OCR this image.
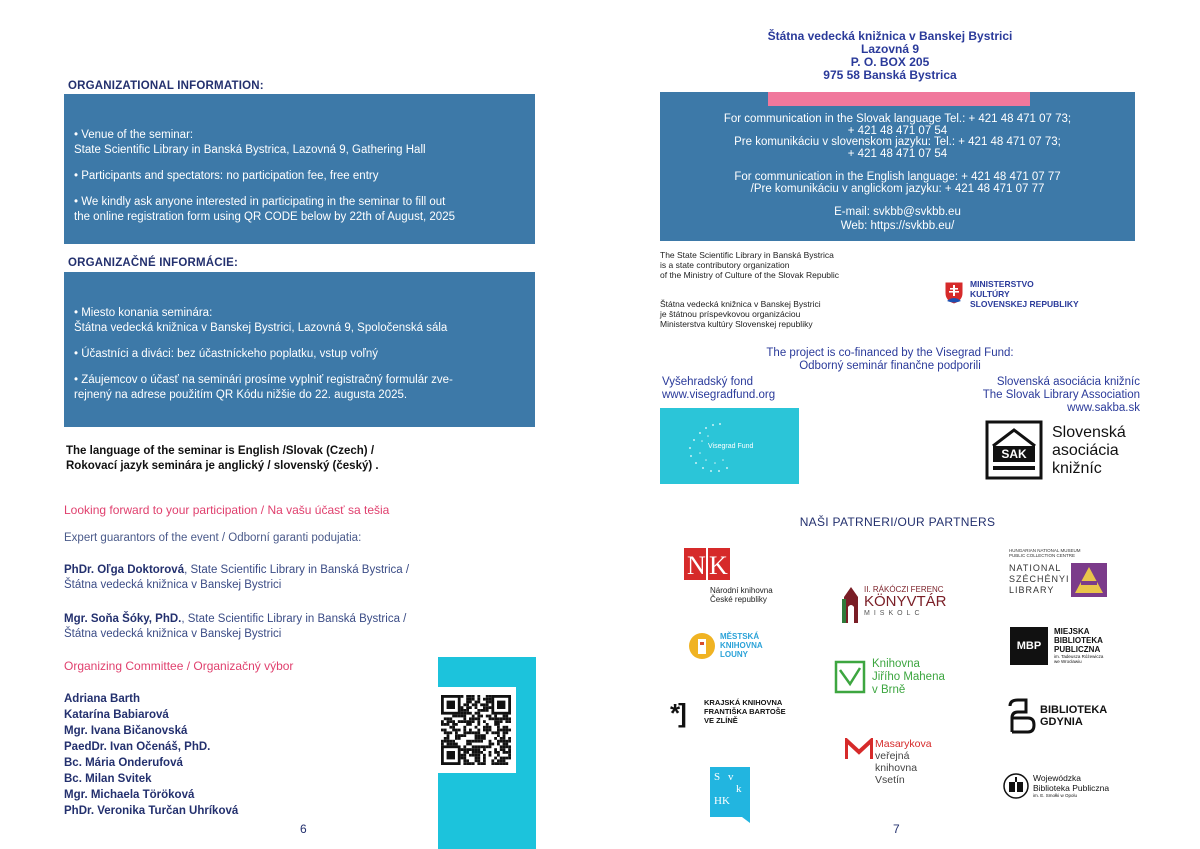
ORGANIZATIONAL INFORMATION:
• Venue of the seminar:

State Scientific Library in Banská Bystrica, Lazovná 9, Gathering Hall

• Participants and spectators: no participation fee, free entry

• We kindly ask anyone interested in participating in the seminar to fill out
the online registration form using QR CODE below by 22th of August, 2025
ORGANIZAČNÉ INFORMÁCIE:
• Miesto konania seminára:

Štátna vedecká knižnica v Banskej Bystrici, Lazovná 9, Spoločenská sála

• Účastníci a diváci: bez účastníckeho poplatku, vstup voľný

• Záujemcov o účasť na seminári prosíme vyplniť registračný formulár zve-
rejnený na adrese použitím QR Kódu nižšie do 22. augusta 2025.
The language of the seminar is English /Slovak (Czech) /
Rokovací jazyk seminára je anglický / slovenský (český) .
Looking forward to your participation / Na vašu účasť sa tešia
Expert guarantors of the event / Odborní garanti podujatia:
PhDr. Oľga Doktorová, State Scientific Library in Banská Bystrica /
Štátna vedecká knižnica v Banskej Bystrici
Mgr. Soňa Šóky, PhD., State Scientific Library in Banská Bystrica /
Štátna vedecká knižnica v Banskej Bystrici
Organizing Committee / Organizačný výbor
Adriana Barth
Katarína Babiarová
Mgr. Ivana Bičanovská
PaedDr. Ivan Očenáš, PhD.
Bc. Mária Onderufová
Bc. Milan Svitek
Mgr. Michaela Töröková
PhDr. Veronika Turčan Uhríková
6
Štátna vedecká knižnica v Banskej Bystrici
Lazovná 9
P. O. BOX 205
975 58 Banská Bystrica
For communication in the Slovak language Tel.: + 421 48 471 07 73;
+ 421 48 471 07 54
Pre komunikáciu v slovenskom jazyku: Tel.: + 421 48 471 07 73;
+ 421 48 471 07 54
For communication in the English language: + 421 48 471 07 77
/Pre komunikáciu v anglickom jazyku: + 421 48 471 07 77
E-mail: svkbb@svkbb.eu
Web: https://svkbb.eu/
The State Scientific Library in Banská Bystrica
is a state contributory organization
of the Ministry of Culture of the Slovak Republic
Štátna vedecká knižnica v Banskej Bystrici
je štátnou príspevkovou organizáciou
Ministerstva kultúry Slovenskej republiky
MINISTERSTVO
KULTÚRY
SLOVENSKEJ REPUBLIKY
The project is co-financed by the Visegrad Fund:
Odborný seminár finančne podporili
Vyšehradský fond
www.visegradfund.org
Slovenská asociácia knižníc
The Slovak Library Association
www.sakba.sk
Visegrad Fund
SAK
Slovenská
asociácia
knižníc
NAŠI PATRNERI/OUR PARTNERS
N K
Národní knihovna
České republiky
HUNGARIAN NATIONAL MUSEUM
PUBLIC COLLECTION CENTRE
NATIONAL
SZÉCHÉNYI
LIBRARY
II. RÁKÓCZI FERENC
KÖNYVTÁR
MISKOLC
MĚSTSKÁ
KNIHOVNA
LOUNY
MBP
MIEJSKA
BIBLIOTEKA
PUBLICZNA
im. Tadeusza Różewicza
we Wrocławiu
Knihovna
Jiřího Mahena
v Brně
*]	KRAJSKÁ KNIHOVNA
FRANTIŠKA BARTOŠE
VE ZLÍNĚ
BIBLIOTEKA
GDYNIA
Masarykova
veřejná
knihovna
Vsetín
S v
k
HK
Wojewódzka
Biblioteka Publiczna
im. E. Smołki w Opolu
7
